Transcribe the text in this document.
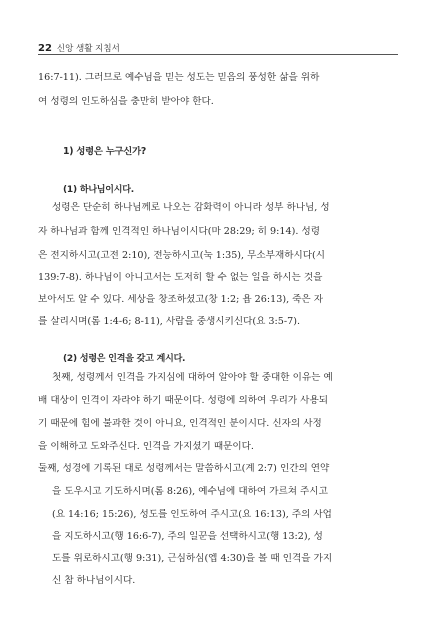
22 신앙 생활 지침서
16:7-11). 그러므로 예수님을 믿는 성도는 믿음의 풍성한 삶을 위하
여 성령의 인도하심을 충만히 받아야 한다.
1) 성령은 누구신가?
(1) 하나님이시다.
성령은 단순히 하나님께로 나오는 감화력이 아니라 성부 하나님, 성
자 하나님과 함께 인격적인 하나님이시다(마 28:29; 히 9:14). 성령
은 전지하시고(고전 2:10), 전능하시고(눅 1:35), 무소부재하시다(시
139:7-8). 하나님이 아니고서는 도저히 할 수 없는 일을 하시는 것을
보아서도 알 수 있다. 세상을 창조하셨고(창 1:2; 욥 26:13), 죽은 자
를 살리시며(롬 1:4-6; 8-11), 사람을 중생시키신다(요 3:5-7).
(2) 성령은 인격을 갖고 계시다.
첫째, 성령께서 인격을 가지심에 대하여 알아야 할 중대한 이유는 예
배 대상이 인격이 자라야 하기 때문이다. 성령에 의하여 우리가 사용되
기 때문에 힘에 불과한 것이 아니요, 인격적인 분이시다. 신자의 사정
을 이해하고 도와주신다. 인격을 가지셨기 때문이다.
둘째, 성경에 기록된 대로 성령께서는 말씀하시고(계 2:7) 인간의 연약
을 도우시고 기도하시며(롬 8:26), 예수님에 대하여 가르쳐 주시고
(요 14:16; 15:26), 성도를 인도하여 주시고(요 16:13), 주의 사업
을 지도하시고(행 16:6-7), 주의 일꾼을 선택하시고(행 13:2), 성
도를 위로하시고(행 9:31), 근심하심(엡 4:30)을 볼 때 인격을 가지
신 참 하나님이시다.
